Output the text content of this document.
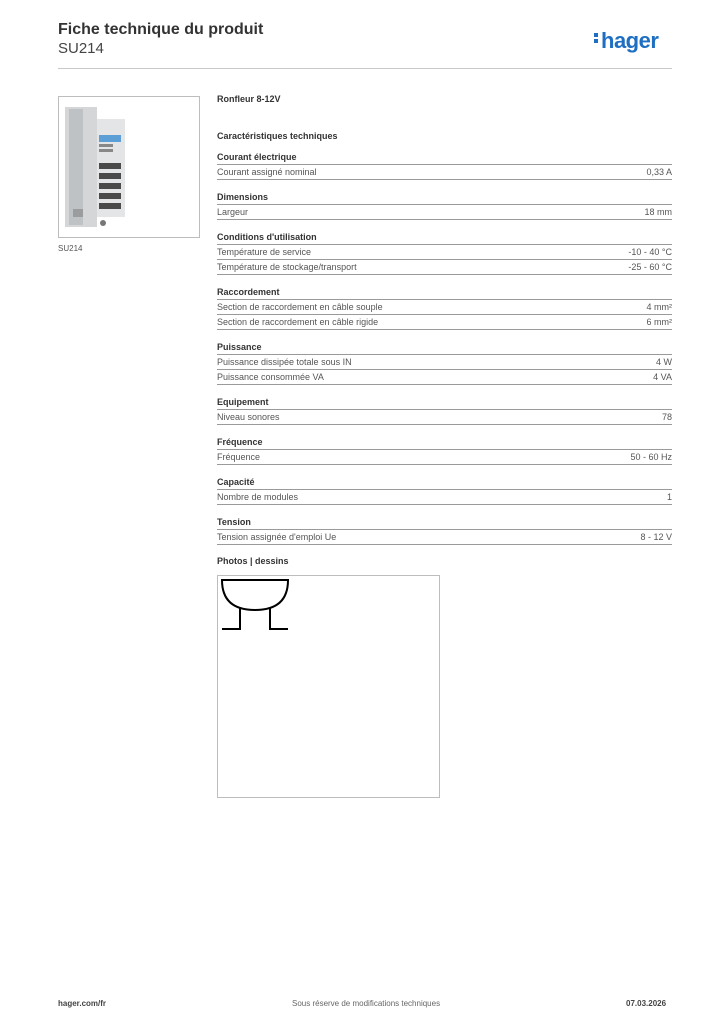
Fiche technique du produit
SU214	hager
SU214
Ronfleur 8-12V
Caractéristiques techniques
Courant électrique
Courant assigné nominal	0,33 A
Dimensions
Largeur	18 mm
Conditions d'utilisation
Température de service	-10 - 40 °C
Température de stockage/transport	-25 - 60 °C
Raccordement
Section de raccordement en câble souple	4 mm²
Section de raccordement en câble rigide	6 mm²
Puissance
Puissance dissipée totale sous IN	4 W
Puissance consommée VA	4 VA
Equipement
Niveau sonores	78
Fréquence
Fréquence	50 - 60 Hz
Capacité
Nombre de modules	1
Tension
Tension assignée d'emploi Ue	8 - 12 V
Photos | dessins
hager.com/fr	Sous réserve de modifications techniques	07.03.2026
